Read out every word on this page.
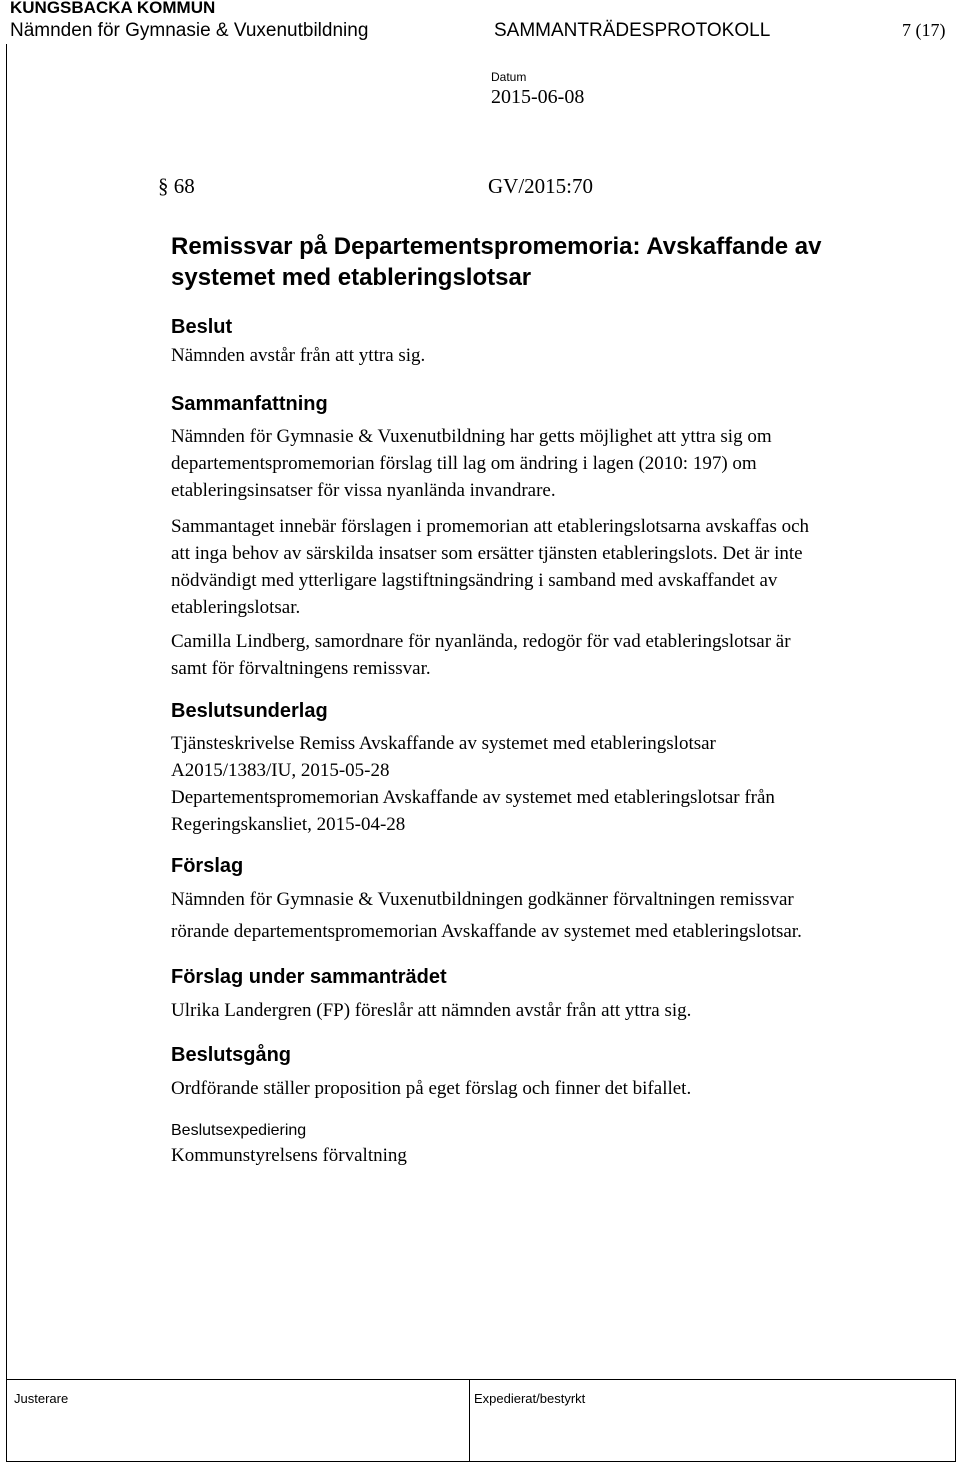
KUNGSBACKA KOMMUN
Nämnden för Gymnasie & Vuxenutbildning	SAMMANTRÄDESPROTOKOLL	7 (17)
Datum
2015-06-08
§ 68	GV/2015:70
Remissvar på Departementspromemoria: Avskaffande av
systemet med etableringslotsar
Beslut
Nämnden avstår från att yttra sig.
Sammanfattning
Nämnden för Gymnasie & Vuxenutbildning har getts möjlighet att yttra sig om
departementspromemorian förslag till lag om ändring i lagen (2010: 197) om
etableringsinsatser för vissa nyanlända invandrare.
Sammantaget innebär förslagen i promemorian att etableringslotsarna avskaffas och
att inga behov av särskilda insatser som ersätter tjänsten etableringslots. Det är inte
nödvändigt med ytterligare lagstiftningsändring i samband med avskaffandet av
etableringslotsar.
Camilla Lindberg, samordnare för nyanlända, redogör för vad etableringslotsar är
samt för förvaltningens remissvar.
Beslutsunderlag
Tjänsteskrivelse Remiss Avskaffande av systemet med etableringslotsar
A2015/1383/IU, 2015-05-28
Departementspromemorian Avskaffande av systemet med etableringslotsar från
Regeringskansliet, 2015-04-28
Förslag
Nämnden för Gymnasie & Vuxenutbildningen godkänner förvaltningen remissvar
rörande departementspromemorian Avskaffande av systemet med etableringslotsar.
Förslag under sammanträdet
Ulrika Landergren (FP) föreslår att nämnden avstår från att yttra sig.
Beslutsgång
Ordförande ställer proposition på eget förslag och finner det bifallet.
Beslutsexpediering
Kommunstyrelsens förvaltning
Justerare	Expedierat/bestyrkt
